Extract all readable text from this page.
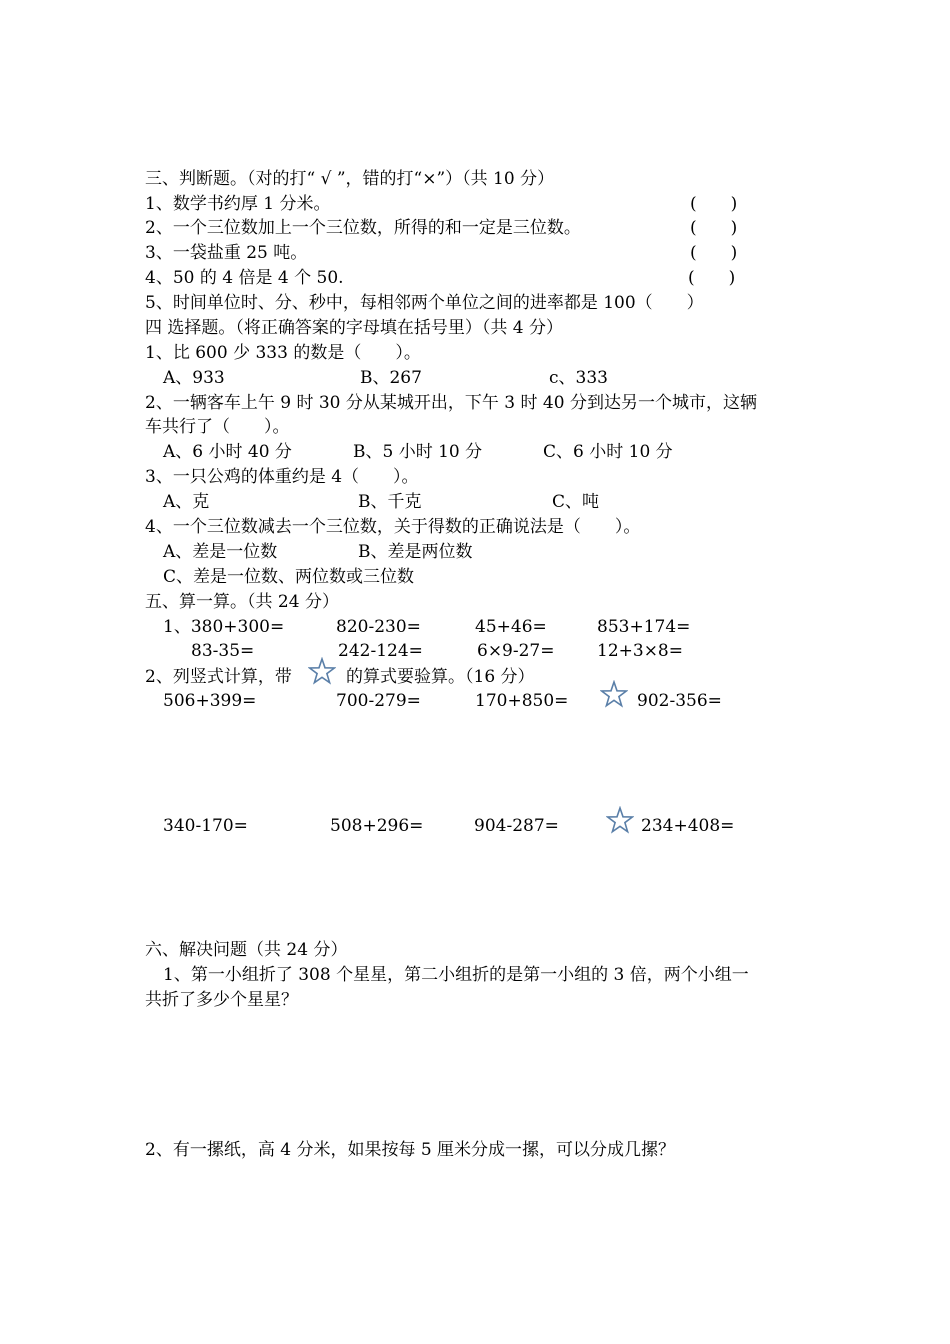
三、判断题。（对的打“ √ ”，错的打“×”）（共 10 分）
1、数学书约厚 1 分米。	(　　)
2、一个三位数加上一个三位数，所得的和一定是三位数。	(　　)
3、一袋盐重 25 吨。	(　　)
4、50 的 4 倍是 4 个 50.	(　　)
5、时间单位时、分、秒中，每相邻两个单位之间的进率都是 100（　　）
四 选择题。（将正确答案的字母填在括号里）（共 4 分）
1、比 600 少 333 的数是（　　）。
A、933	B、267	c、333
2、一辆客车上午 9 时 30 分从某城开出，下午 3 时 40 分到达另一个城市，这辆
车共行了（　　）。
A、6 小时 40 分	B、5 小时 10 分	C、6 小时 10 分
3、一只公鸡的体重约是 4（　　）。
A、克	B、千克	C、吨
4、一个三位数减去一个三位数，关于得数的正确说法是（　　）。
A、差是一位数	B、差是两位数
C、差是一位数、两位数或三位数
五、算一算。（共 24 分）
1、380+300=	820-230=	45+46=	853+174=
83-35=	242-124=	6×9-27=	12+3×8=
2、列竖式计算，带	的算式要验算。（16 分）
506+399=	700-279=	170+850=	902-356=
340-170=	508+296=	904-287=	234+408=
六、解决问题（共 24 分）
1、第一小组折了 308 个星星，第二小组折的是第一小组的 3 倍，两个小组一
共折了多少个星星？
2、有一摞纸，高 4 分米，如果按每 5 厘米分成一摞，可以分成几摞？
